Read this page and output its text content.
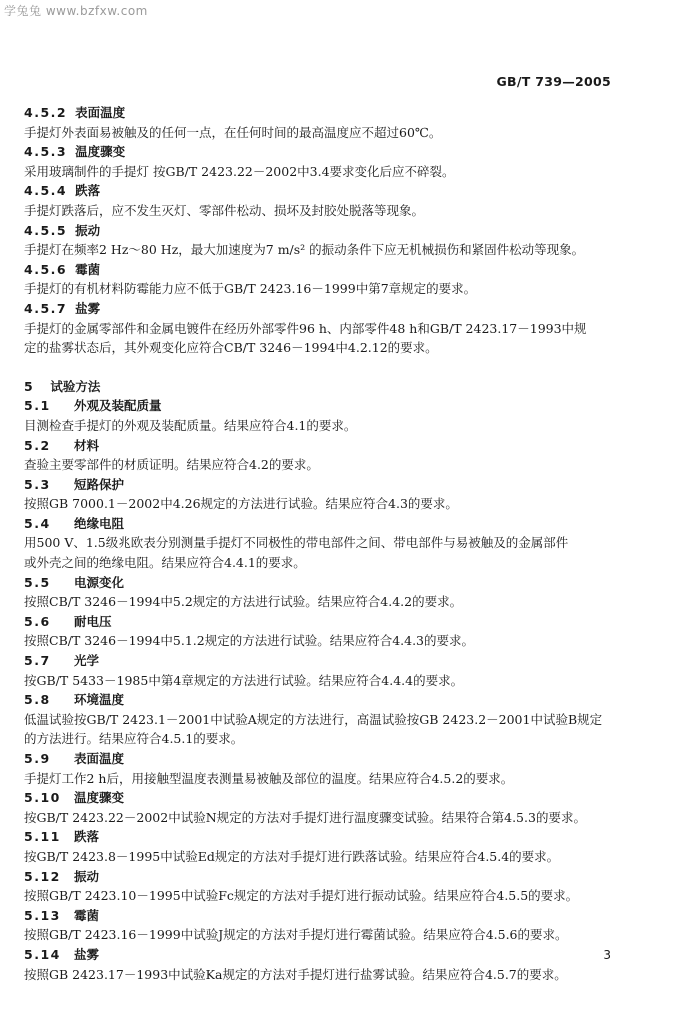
学兔兔 www.bzfxw.com
GB/T 739—2005
4.5.2 表面温度
手提灯外表面易被触及的任何一点，在任何时间的最高温度应不超过60℃。
4.5.3 温度骤变
采用玻璃制件的手提灯 按GB/T 2423.22－2002中3.4要求变化后应不碎裂。
4.5.4 跌落
手提灯跌落后，应不发生灭灯、零部件松动、损坏及封胶处脱落等现象。
4.5.5 振动
手提灯在频率2 Hz～80 Hz，最大加速度为7 m/s² 的振动条件下应无机械损伤和紧固件松动等现象。
4.5.6 霉菌
手提灯的有机材料防霉能力应不低于GB/T 2423.16－1999中第7章规定的要求。
4.5.7 盐雾
手提灯的金属零部件和金属电镀件在经历外部零件96 h、内部零件48 h和GB/T 2423.17－1993中规
定的盐雾状态后，其外观变化应符合CB/T 3246－1994中4.2.12的要求。
5 试验方法
5.1 外观及装配质量
目测检查手提灯的外观及装配质量。结果应符合4.1的要求。
5.2 材料
查验主要零部件的材质证明。结果应符合4.2的要求。
5.3 短路保护
按照GB 7000.1－2002中4.26规定的方法进行试验。结果应符合4.3的要求。
5.4 绝缘电阻
用500 V、1.5级兆欧表分别测量手提灯不同极性的带电部件之间、带电部件与易被触及的金属部件
或外壳之间的绝缘电阻。结果应符合4.4.1的要求。
5.5 电源变化
按照CB/T 3246－1994中5.2规定的方法进行试验。结果应符合4.4.2的要求。
5.6 耐电压
按照CB/T 3246－1994中5.1.2规定的方法进行试验。结果应符合4.4.3的要求。
5.7 光学
按GB/T 5433－1985中第4章规定的方法进行试验。结果应符合4.4.4的要求。
5.8 环境温度
低温试验按GB/T 2423.1－2001中试验A规定的方法进行，高温试验按GB 2423.2－2001中试验B规定
的方法进行。结果应符合4.5.1的要求。
5.9 表面温度
手提灯工作2 h后，用接触型温度表测量易被触及部位的温度。结果应符合4.5.2的要求。
5.10 温度骤变
按GB/T 2423.22－2002中试验N规定的方法对手提灯进行温度骤变试验。结果符合第4.5.3的要求。
5.11 跌落
按GB/T 2423.8－1995中试验Ed规定的方法对手提灯进行跌落试验。结果应符合4.5.4的要求。
5.12 振动
按照GB/T 2423.10－1995中试验Fc规定的方法对手提灯进行振动试验。结果应符合4.5.5的要求。
5.13 霉菌
按照GB/T 2423.16－1999中试验J规定的方法对手提灯进行霉菌试验。结果应符合4.5.6的要求。
5.14 盐雾
按照GB 2423.17－1993中试验Ka规定的方法对手提灯进行盐雾试验。结果应符合4.5.7的要求。
3
